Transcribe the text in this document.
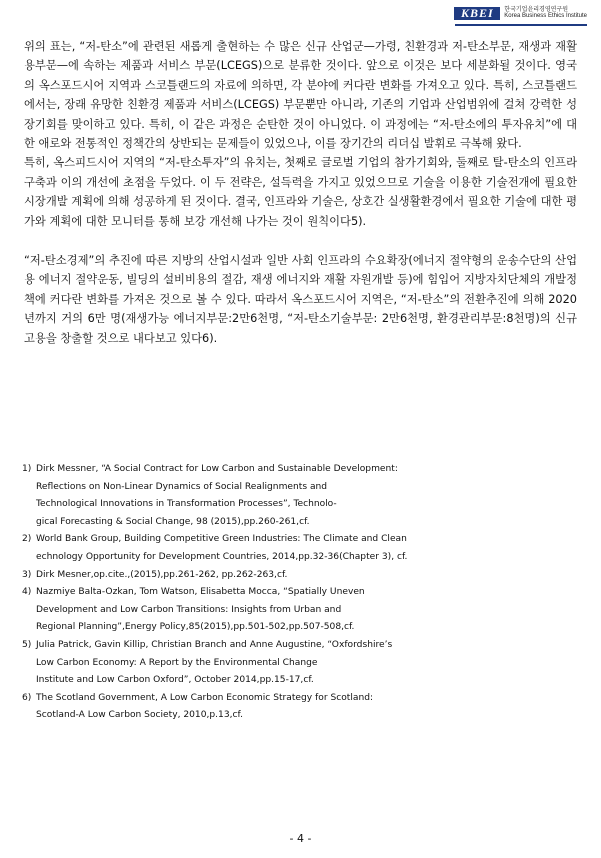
KBEI	한국기업윤리경영연구원
Korea Business Ethics Institute

위의 표는, “저-탄소”에 관련된 새롭게 출현하는 수 많은 신규 산업군—가령, 친환경과 저-탄소부문, 재생과 재활용부문—에 속하는 제품과 서비스 부문(LCEGS)으로 분류한 것이다. 앞으로 이것은 보다 세분화될 것이다. 영국의 옥스포드시어 지역과 스코틀랜드의 자료에 의하면, 각 분야에 커다란 변화를 가져오고 있다. 특히, 스코틀랜드에서는, 장래 유망한 친환경 제품과 서비스(LCEGS) 부문뿐만 아니라, 기존의 기업과 산업범위에 걸쳐 강력한 성장기회를 맞이하고 있다. 특히, 이 같은 과정은 순탄한 것이 아니었다. 이 과정에는 “저-탄소에의 투자유치”에 대한 애로와 전통적인 정책간의 상반되는 문제들이 있었으나, 이를 장기간의 리더십 발휘로 극복해 왔다.

특히, 옥스피드시어 지역의 “저-탄소투자”의 유치는, 첫째로 글로벌 기업의 참가기회와, 둘째로 탈-탄소의 인프라 구축과 이의 개선에 초점을 두었다. 이 두 전략은, 설득력을 가지고 있었으므로 기술을 이용한 기술전개에 필요한 시장개발 계획에 의해 성공하게 된 것이다. 결국, 인프라와 기술은, 상호간 실생활환경에서 필요한 기술에 대한 평가와 계획에 대한 모니터를 통해 보강 개선해 나가는 것이 원칙이다5).

“저-탄소경제”의 추진에 따른 지방의 산업시설과 일반 사회 인프라의 수요확장(에너지 절약형의 운송수단의 산업용 에너지 절약운동, 빌딩의 설비비용의 절감, 재생 에너지와 재활 자원개발 등)에 힘입어 지방자치단체의 개발정책에 커다란 변화를 가져온 것으로 볼 수 있다. 따라서 옥스포드시어 지역은, “저-탄소”의 전환추진에 의해 2020년까지 거의 6만 명(재생가능 에너지부문:2만6천명, “저-탄소기술부문: 2만6천명, 환경관리부문:8천명)의 신규고용을 창출할 것으로 내다보고 있다6).

1) Dirk Messner, “A Social Contract for Low Carbon and Sustainable Development:
Reflections on Non-Linear Dynamics of Social Realignments and
Technological Innovations in Transformation Processes”, Technolo-
gical Forecasting & Social Change, 98 (2015),pp.260-261,cf.
2) World Bank Group, Building Competitive Green Industries: The Climate and Clean
echnology Opportunity for Development Countries, 2014,pp.32-36(Chapter 3), cf.
3) Dirk Mesner,op.cite.,(2015),pp.261-262, pp.262-263,cf.
4) Nazmiye Balta-Ozkan, Tom Watson, Elisabetta Mocca, “Spatially Uneven
Development and Low Carbon Transitions: Insights from Urban and
Regional Planning”,Energy Policy,85(2015),pp.501-502,pp.507-508,cf.
5) Julia Patrick, Gavin Killip, Christian Branch and Anne Augustine, “Oxfordshire’s
Low Carbon Economy: A Report by the Environmental Change
Institute and Low Carbon Oxford”, October 2014,pp.15-17,cf.
6) The Scotland Government, A Low Carbon Economic Strategy for Scotland:
Scotland-A Low Carbon Society, 2010,p.13,cf.
- 4 -
